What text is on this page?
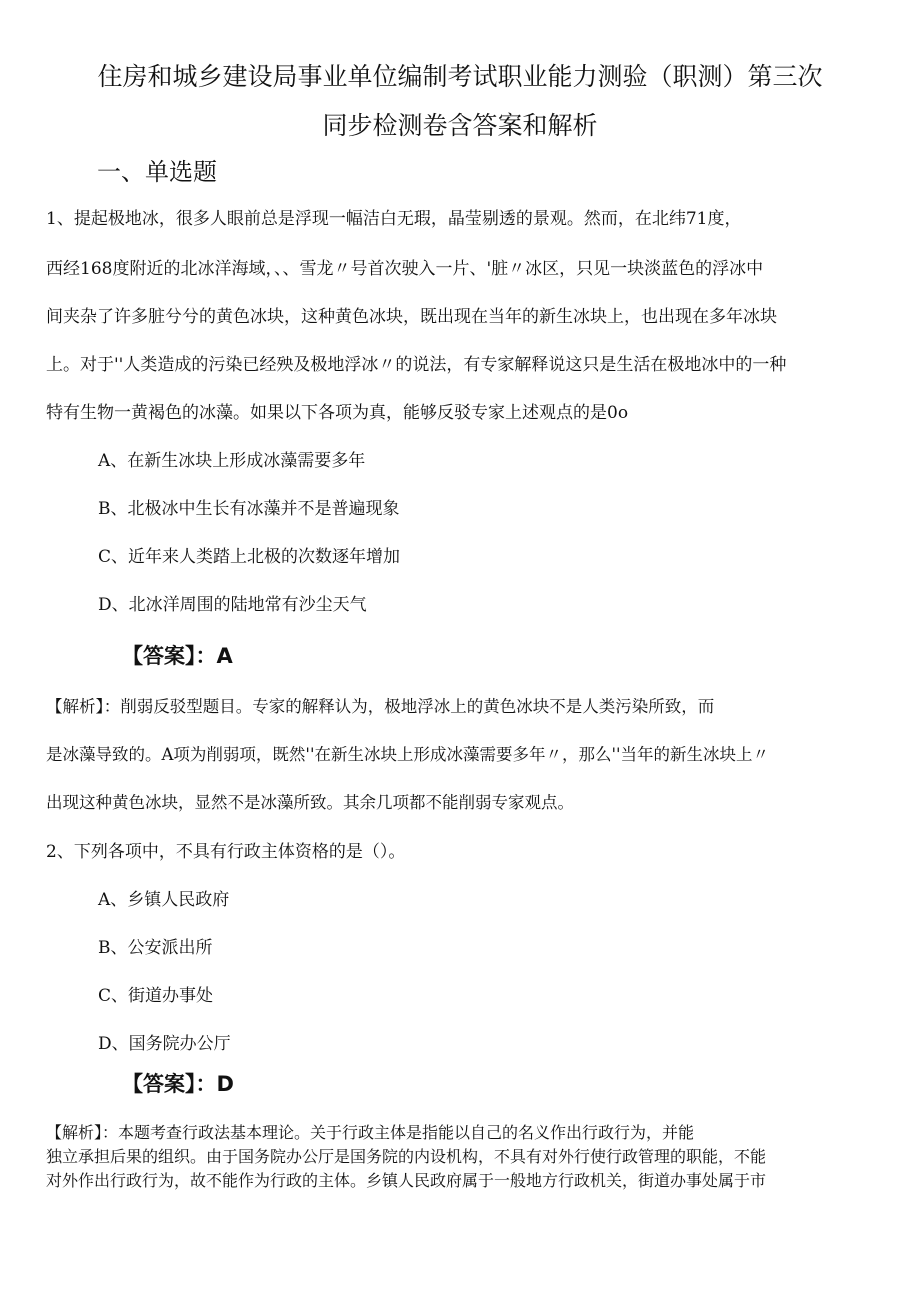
住房和城乡建设局事业单位编制考试职业能力测验（职测）第三次
同步检测卷含答案和解析
一、单选题
1、提起极地冰，很多人眼前总是浮现一幅洁白无瑕，晶莹剔透的景观。然而，在北纬71度，
西经168度附近的北冰洋海域，、、雪龙〃号首次驶入一片、'脏〃冰区，只见一块淡蓝色的浮冰中
间夹杂了许多脏兮兮的黄色冰块，这种黄色冰块，既出现在当年的新生冰块上，也出现在多年冰块
上。对于''人类造成的污染已经殃及极地浮冰〃的说法，有专家解释说这只是生活在极地冰中的一种
特有生物一黄褐色的冰藻。如果以下各项为真，能够反驳专家上述观点的是0o
A、在新生冰块上形成冰藻需要多年
B、北极冰中生长有冰藻并不是普遍现象
C、近年来人类踏上北极的次数逐年增加
D、北冰洋周围的陆地常有沙尘天气
【答案】：A
【解析】：削弱反驳型题目。专家的解释认为，极地浮冰上的黄色冰块不是人类污染所致，而
是冰藻导致的。A项为削弱项，既然''在新生冰块上形成冰藻需要多年〃，那么''当年的新生冰块上〃
出现这种黄色冰块，显然不是冰藻所致。其余几项都不能削弱专家观点。
2、下列各项中，不具有行政主体资格的是（）。
A、乡镇人民政府
B、公安派出所
C、街道办事处
D、国务院办公厅
【答案】：D
【解析】：本题考查行政法基本理论。关于行政主体是指能以自己的名义作出行政行为，并能
独立承担后果的组织。由于国务院办公厅是国务院的内设机构，不具有对外行使行政管理的职能，不能
对外作出行政行为，故不能作为行政的主体。乡镇人民政府属于一般地方行政机关，街道办事处属于市
